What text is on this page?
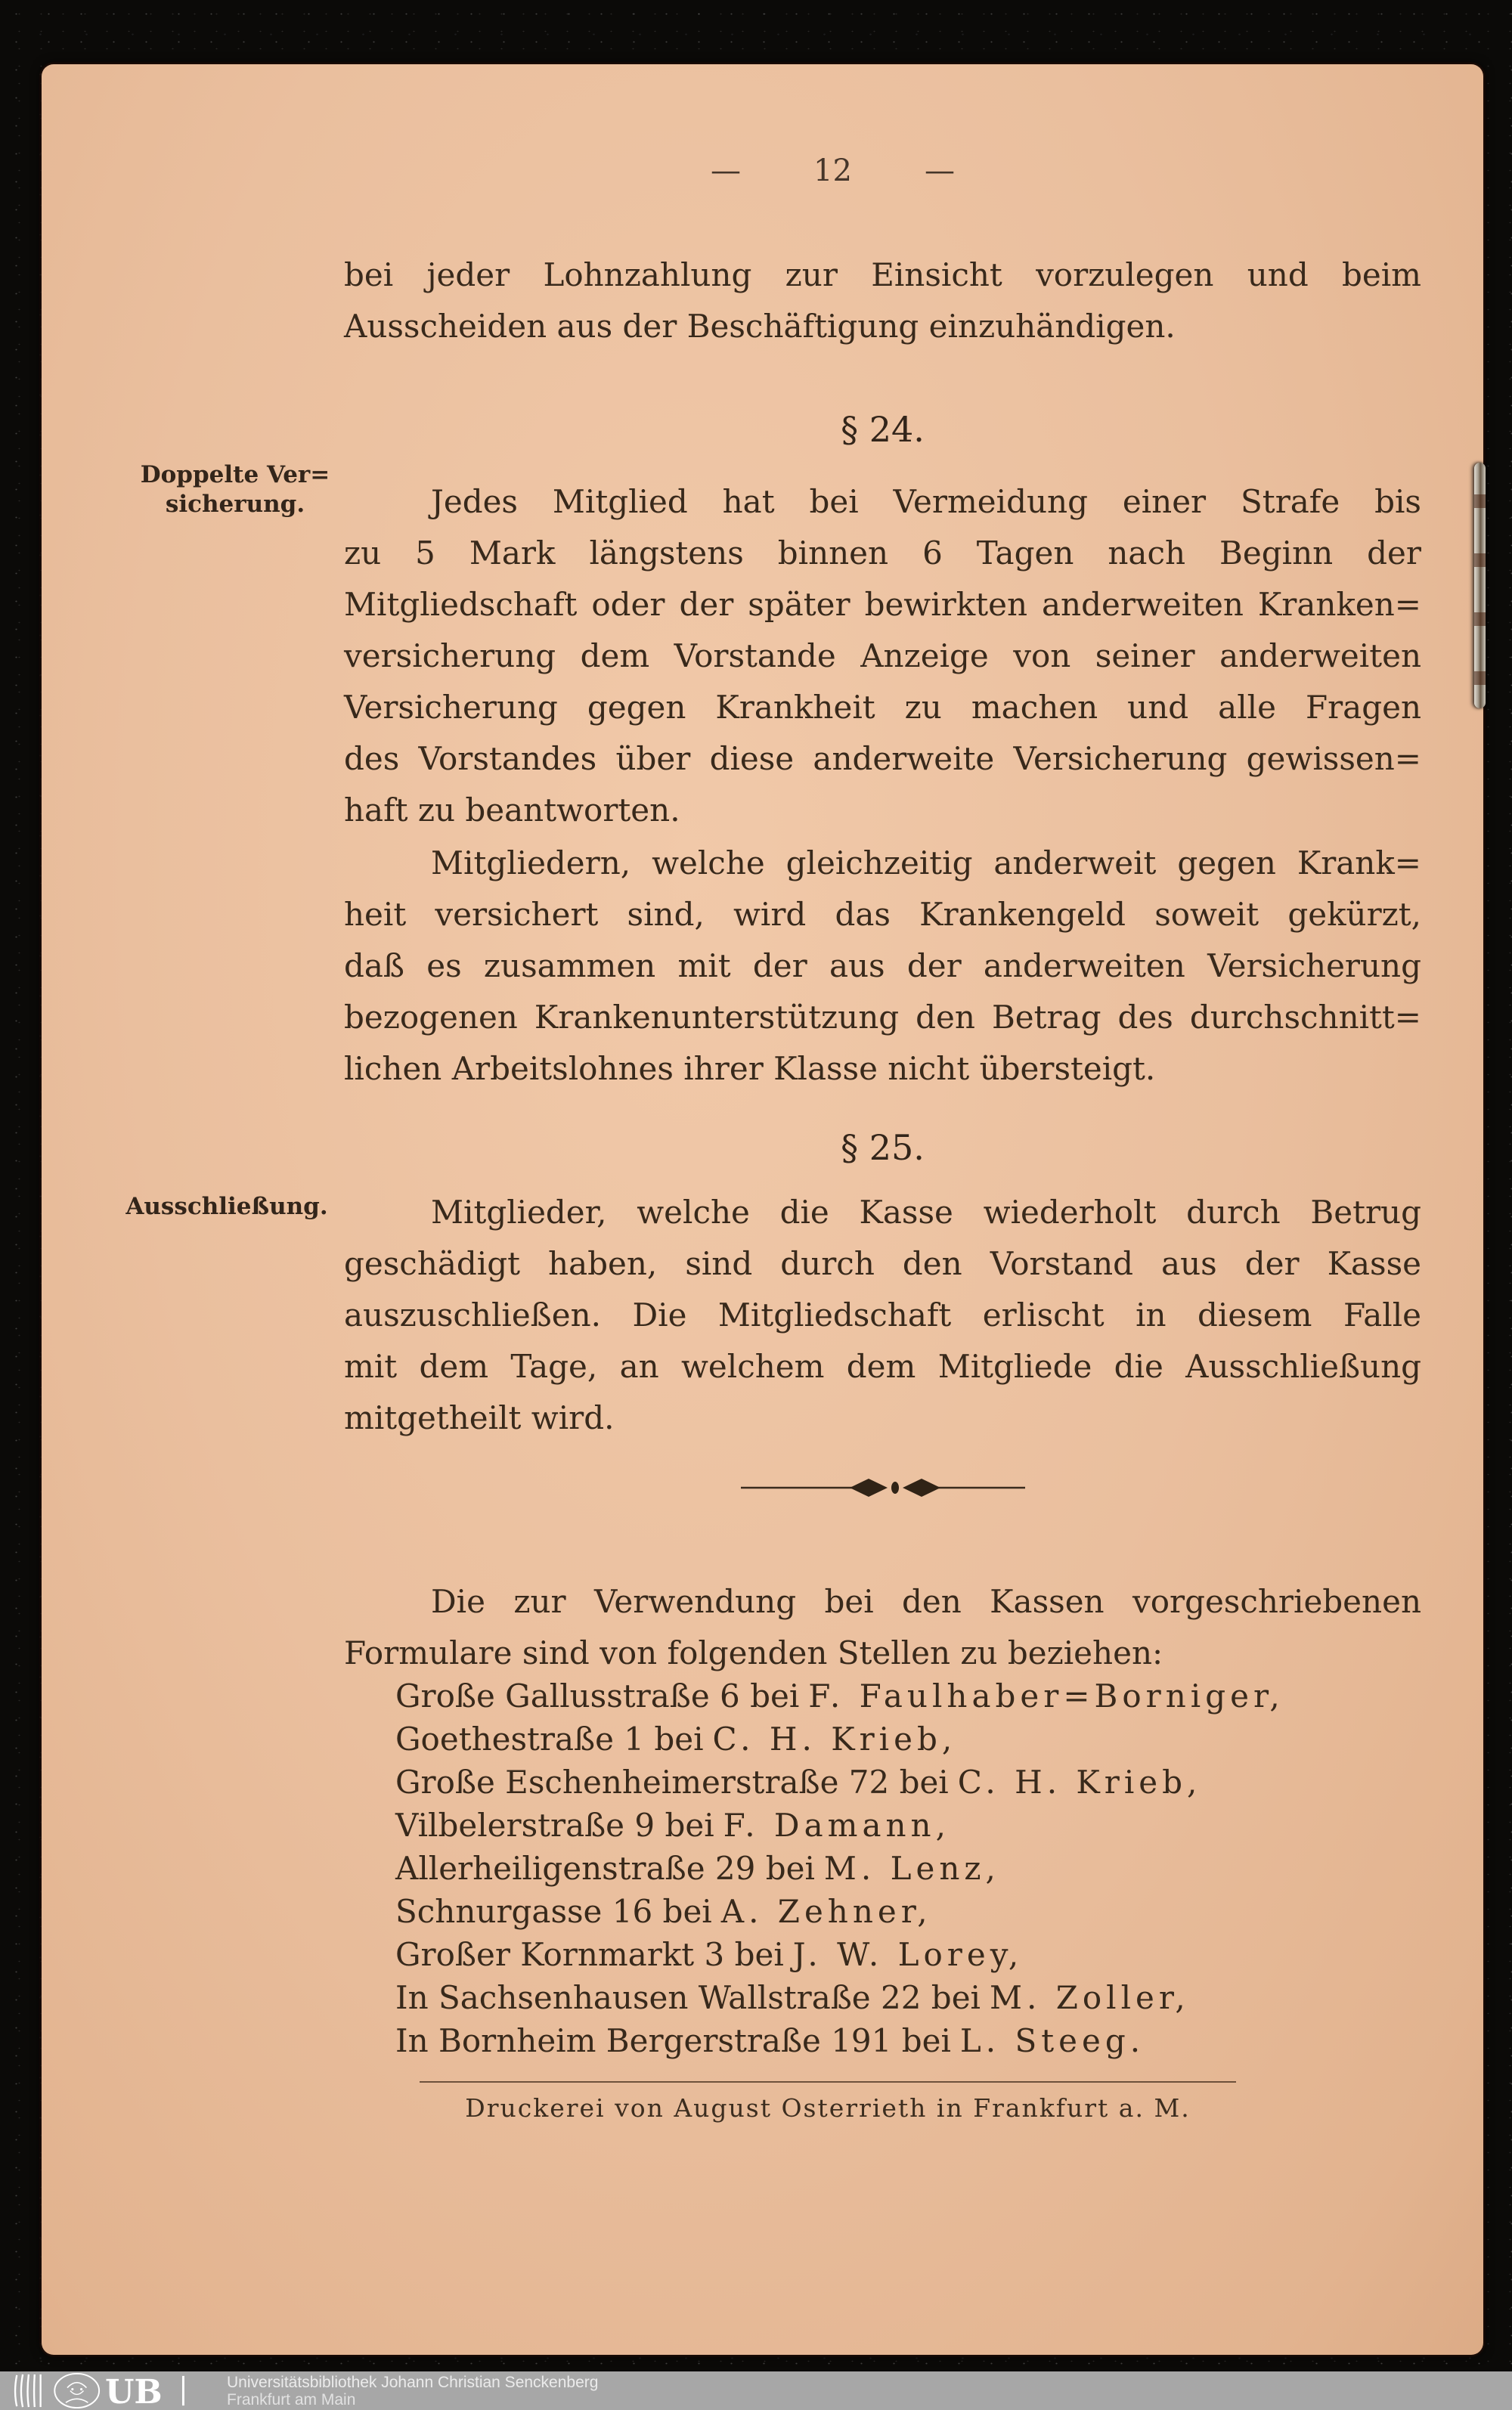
Doppelte Ver=
sicherung.
Ausschließung.
— 12 —
bei jeder Lohnzahlung zur Einsicht vorzulegen und beim
Ausscheiden aus der Beschäftigung einzuhändigen.
§ 24.
Jedes Mitglied hat bei Vermeidung einer Strafe bis
zu 5 Mark längstens binnen 6 Tagen nach Beginn der
Mitgliedschaft oder der später bewirkten anderweiten Kranken=
versicherung dem Vorstande Anzeige von seiner anderweiten
Versicherung gegen Krankheit zu machen und alle Fragen
des Vorstandes über diese anderweite Versicherung gewissen=
haft zu beantworten.
Mitgliedern, welche gleichzeitig anderweit gegen Krank=
heit versichert sind, wird das Krankengeld soweit gekürzt,
daß es zusammen mit der aus der anderweiten Versicherung
bezogenen Krankenunterstützung den Betrag des durchschnitt=
lichen Arbeitslohnes ihrer Klasse nicht übersteigt.
§ 25.
Mitglieder, welche die Kasse wiederholt durch Betrug
geschädigt haben, sind durch den Vorstand aus der Kasse
auszuschließen. Die Mitgliedschaft erlischt in diesem Falle
mit dem Tage, an welchem dem Mitgliede die Ausschließung
mitgetheilt wird.
Die zur Verwendung bei den Kassen vorgeschriebenen
Formulare sind von folgenden Stellen zu beziehen:
Große Gallusstraße 6 bei F. Faulhaber=Borniger,
Goethestraße 1 bei C. H. Krieb,
Große Eschenheimerstraße 72 bei C. H. Krieb,
Vilbelerstraße 9 bei F. Damann,
Allerheiligenstraße 29 bei M. Lenz,
Schnurgasse 16 bei A. Zehner,
Großer Kornmarkt 3 bei J. W. Lorey,
In Sachsenhausen Wallstraße 22 bei M. Zoller,
In Bornheim Bergerstraße 191 bei L. Steeg.
Druckerei von August Osterrieth in Frankfurt a. M.
UB	Universitätsbibliothek Johann Christian Senckenberg
Frankfurt am Main
